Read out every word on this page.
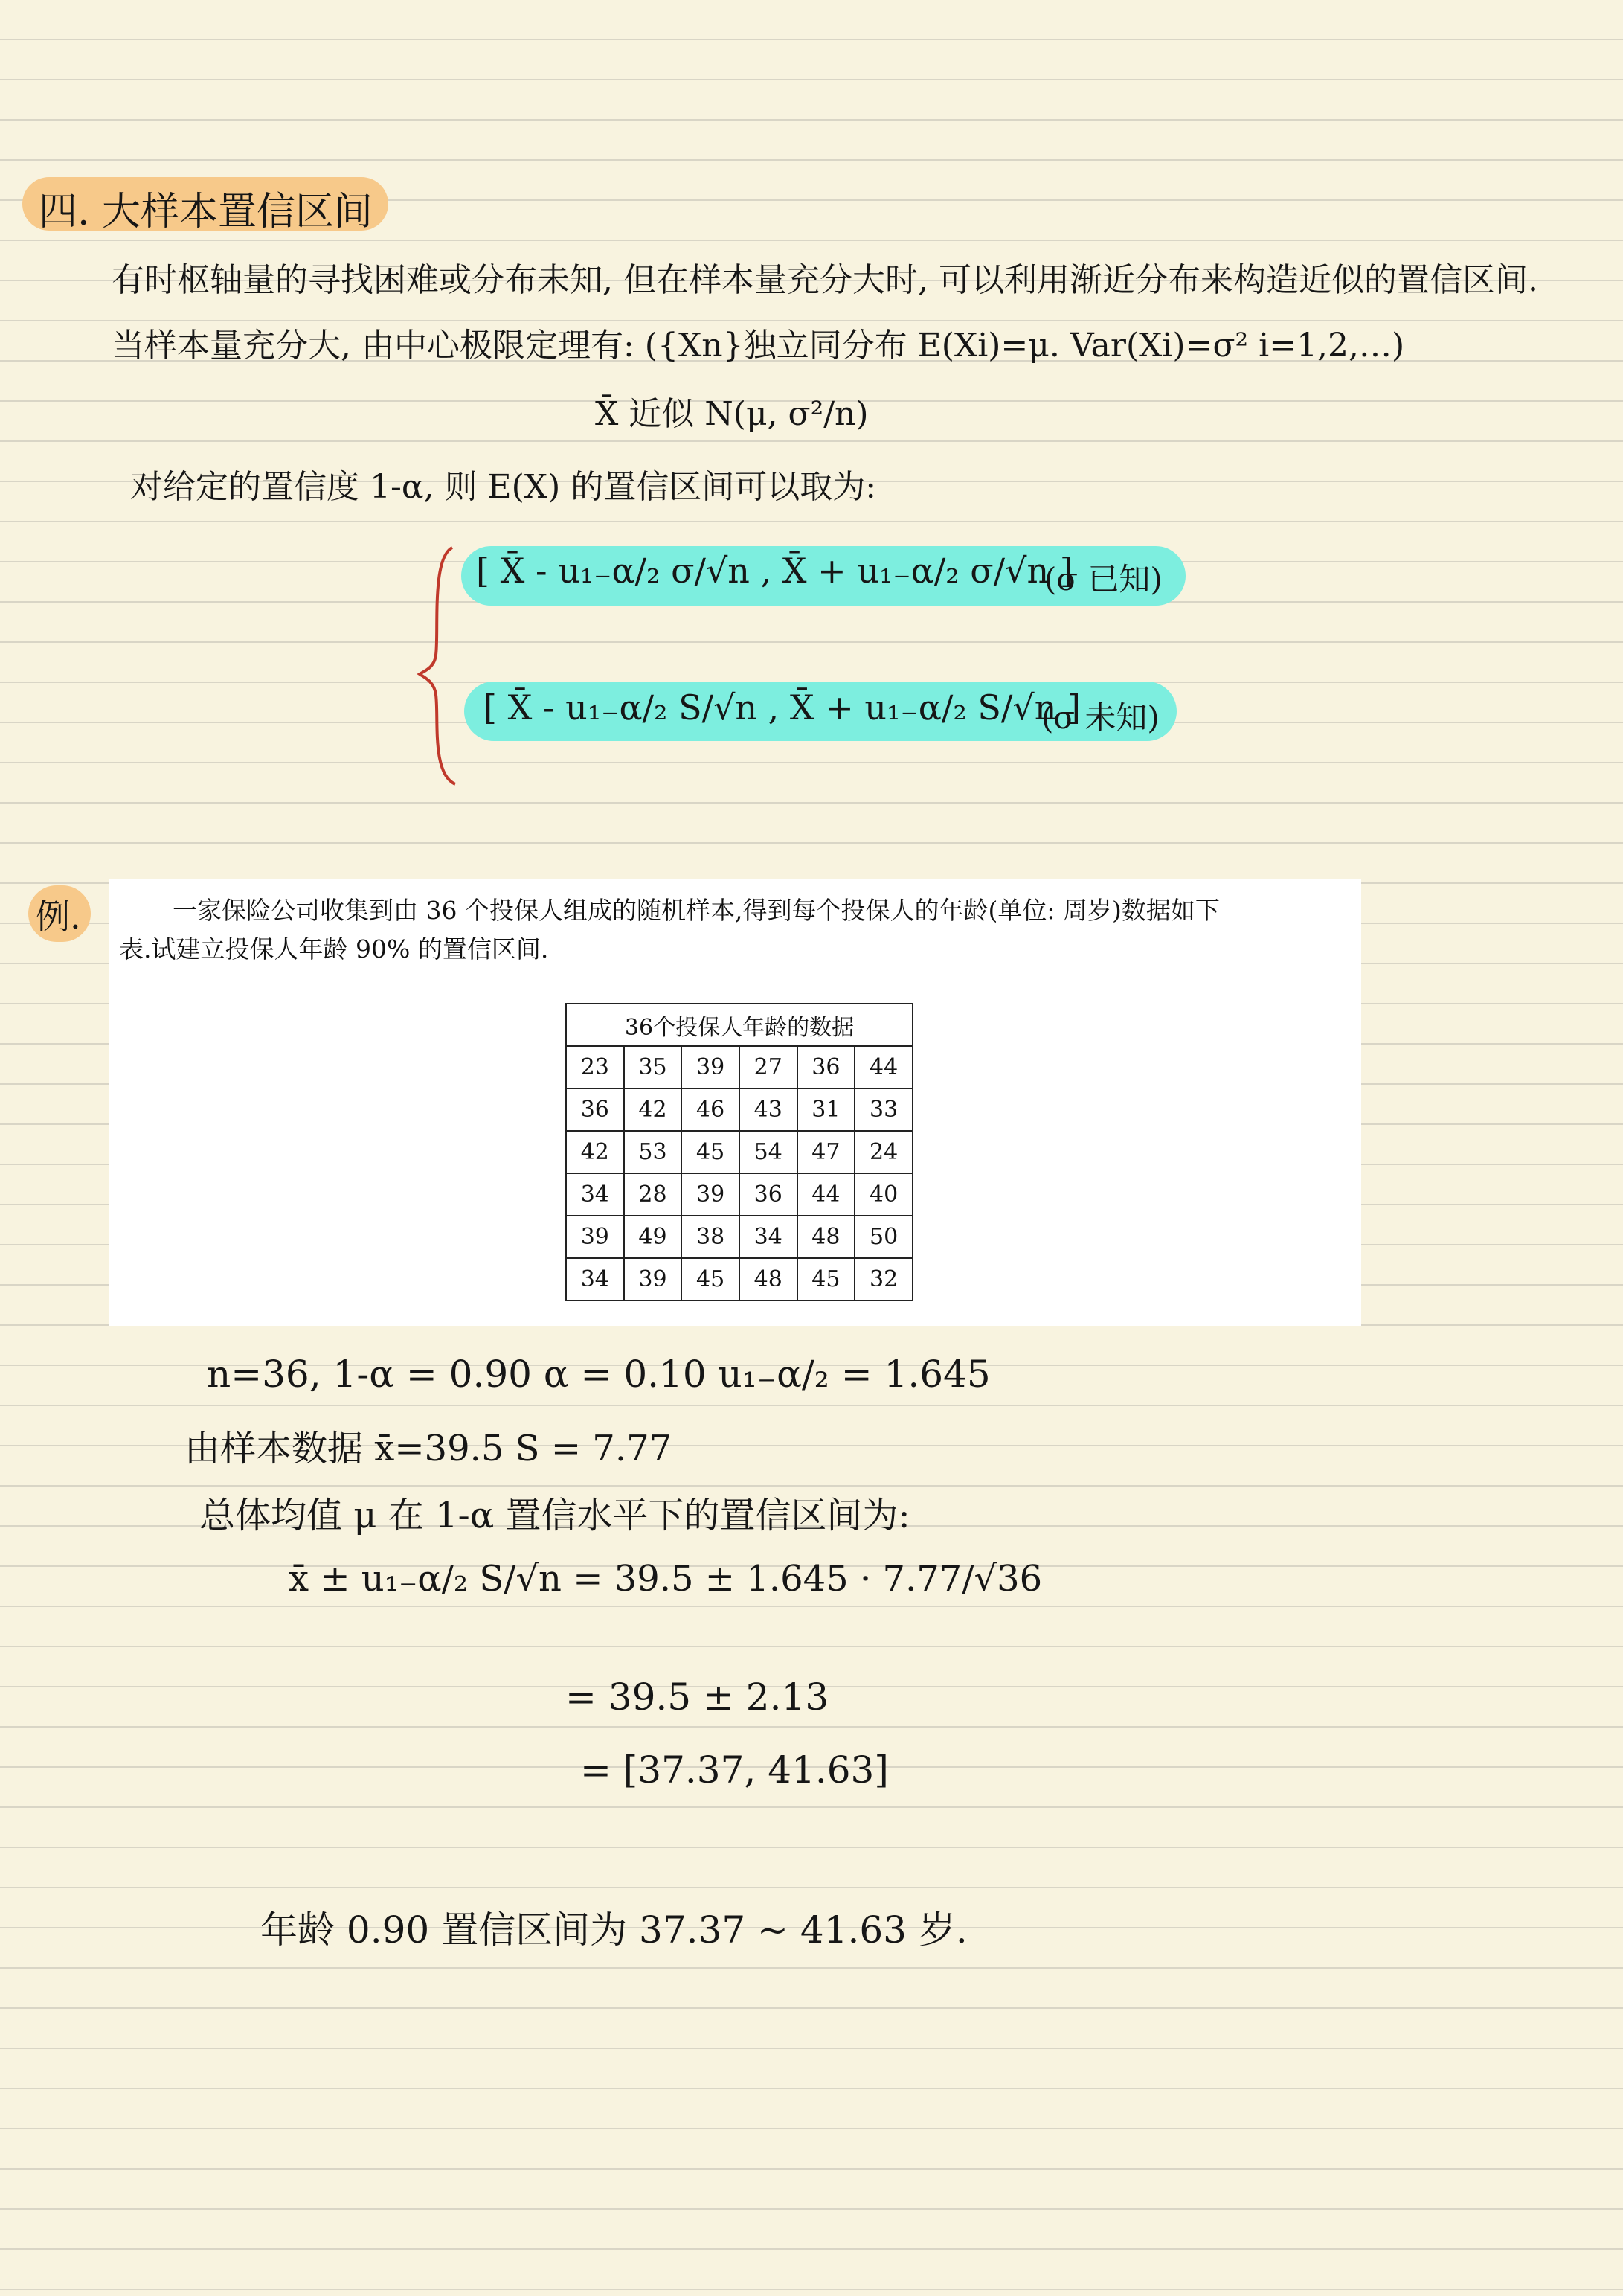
四. 大样本置信区间
有时枢轴量的寻找困难或分布未知, 但在样本量充分大时, 可以利用渐近分布来构造近似的置信区间.
当样本量充分大, 由中心极限定理有: ({Xn}独立同分布 E(Xi)=μ. Var(Xi)=σ² i=1,2,…)
X̄ 近似 N(μ, σ²/n)
对给定的置信度 1-α, 则 E(X) 的置信区间可以取为:
[ X̄ - u₁₋α/₂ σ/√n , X̄ + u₁₋α/₂ σ/√n ]
(σ 已知)
[ X̄ - u₁₋α/₂ S/√n , X̄ + u₁₋α/₂ S/√n ]
(σ 未知)
例.	一家保险公司收集到由 36 个投保人组成的随机样本,得到每个投保人的年龄(单位: 周岁)数据如下
表.试建立投保人年龄 90% 的置信区间.
36个投保人年龄的数据					
23	35	39	27	36	44
36	42	46	43	31	33
42	53	45	54	47	24
34	28	39	36	44	40
39	49	38	34	48	50
34	39	45	48	45	32
n=36, 1-α = 0.90 α = 0.10 u₁₋α/₂ = 1.645
由样本数据 x̄=39.5 S = 7.77
总体均值 μ 在 1-α 置信水平下的置信区间为:
x̄ ± u₁₋α/₂ S/√n = 39.5 ± 1.645 · 7.77/√36
= 39.5 ± 2.13
= [37.37, 41.63]
年龄 0.90 置信区间为 37.37 ~ 41.63 岁.
